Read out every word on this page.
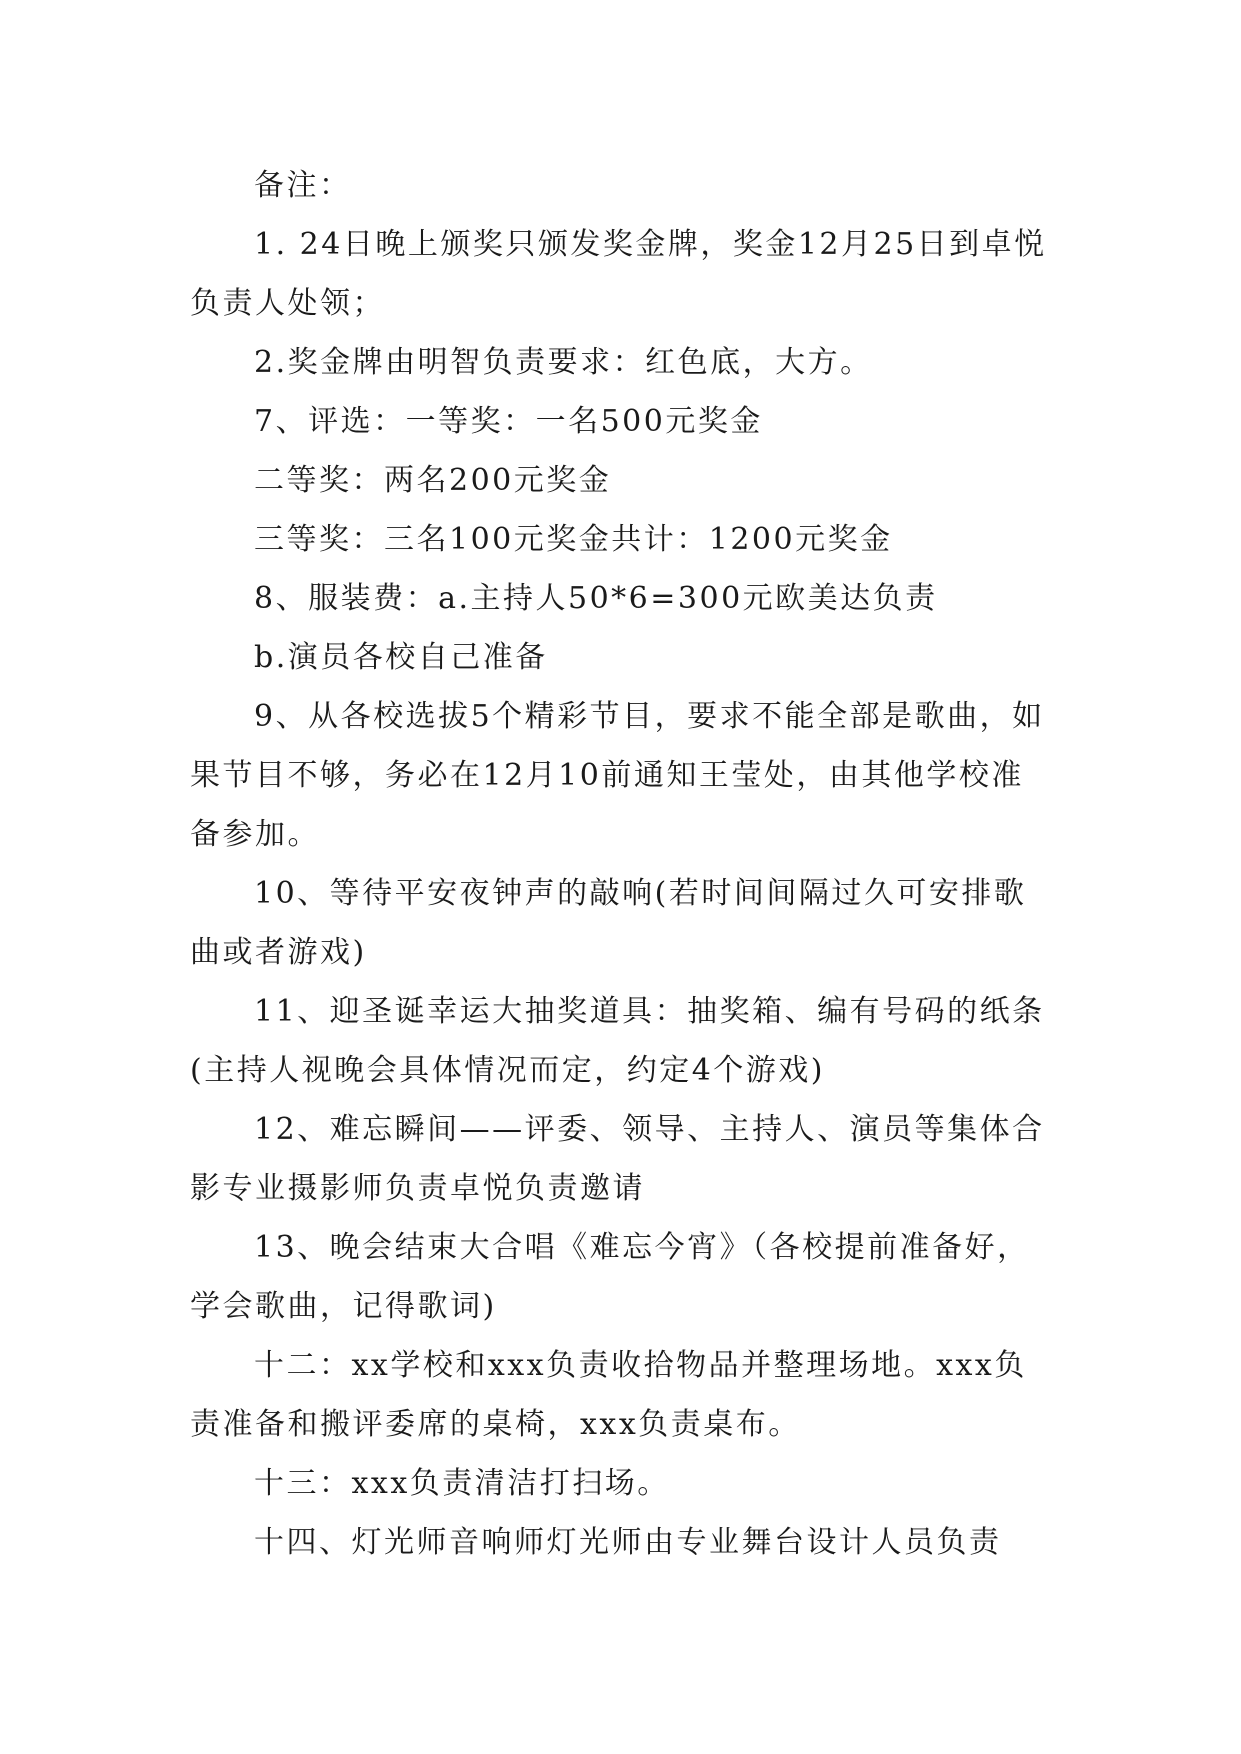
备注：

1. 24日晚上颁奖只颁发奖金牌，奖金12月25日到卓悦负责人处领；

2.奖金牌由明智负责要求：红色底，大方。

7、评选：一等奖：一名500元奖金

二等奖：两名200元奖金

三等奖：三名100元奖金共计：1200元奖金

8、服装费：a.主持人50*6=300元欧美达负责

b.演员各校自己准备

9、从各校选拔5个精彩节目，要求不能全部是歌曲，如果节目不够，务必在12月10前通知王莹处，由其他学校准备参加。

10、等待平安夜钟声的敲响(若时间间隔过久可安排歌曲或者游戏)

11、迎圣诞幸运大抽奖道具：抽奖箱、编有号码的纸条(主持人视晚会具体情况而定，约定4个游戏)

12、难忘瞬间——评委、领导、主持人、演员等集体合影专业摄影师负责卓悦负责邀请

13、晚会结束大合唱《难忘今宵》（各校提前准备好，学会歌曲，记得歌词)

十二：xx学校和xxx负责收拾物品并整理场地。xxx负责准备和搬评委席的桌椅，xxx负责桌布。

十三：xxx负责清洁打扫场。

十四、灯光师音响师灯光师由专业舞台设计人员负责
